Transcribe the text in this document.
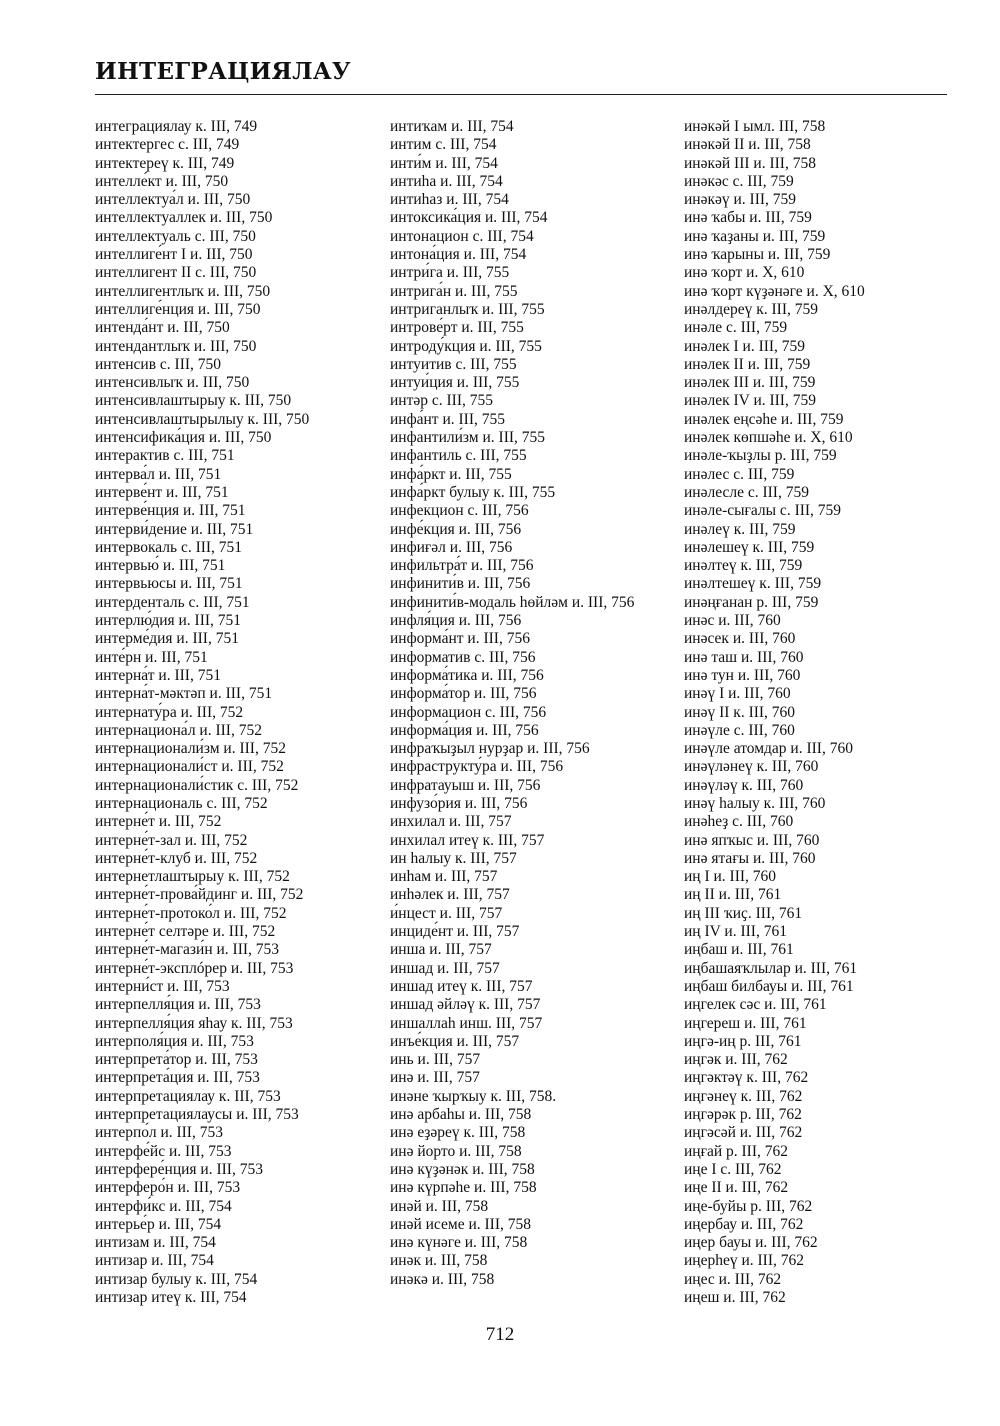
ИНТЕГРАЦИЯЛАУ

интеграциялау к. III, 749

интектергес с. III, 749

интектереү к. III, 749

интелле́кт и. III, 750

интеллектуа́л и. III, 750

интеллектуаллек и. III, 750

интеллектуаль с. III, 750

интеллиге́нт I и. III, 750

интеллигент II с. III, 750

интеллигентлыҡ и. III, 750

интеллиге́нция и. III, 750

интенда́нт и. III, 750

интендантлыҡ и. III, 750

интенсив с. III, 750

интенсивлыҡ и. III, 750

интенсивлаштырыу к. III, 750

интенсивлаштырылыу к. III, 750

интенсифика́ция и. III, 750

интерактив с. III, 751

интерва́л и. III, 751

интерве́нт и. III, 751

интерве́нция и. III, 751

интерви́дение и. III, 751

интервокаль с. III, 751

интервью́ и. III, 751

интервьюсы и. III, 751

интерденталь с. III, 751

интерлю́дия и. III, 751

интерме́дия и. III, 751

инте́рн и. III, 751

интерна́т и. III, 751

интерна́т-мәктәп и. III, 751

интернату́ра и. III, 752

интернациона́л и. III, 752

интернационали́зм и. III, 752

интернационали́ст и. III, 752

интернационали́стик с. III, 752

интернациональ с. III, 752

интерне́т и. III, 752

интерне́т-зал и. III, 752

интерне́т-клуб и. III, 752

интернетлаштырыу к. III, 752

интерне́т-прова́йдинг и. III, 752

интерне́т-протоко́л и. III, 752

интерне́т селтәре и. III, 752

интерне́т-магази́н и. III, 753

интерне́т-эксплóрер и. III, 753

интерни́ст и. III, 753

интерпелля́ция и. III, 753

интерпелля́ция яһау к. III, 753

интерполя́ция и. III, 753

интерпрета́тор и. III, 753

интерпрета́ция и. III, 753

интерпретациялау к. III, 753

интерпретациялаусы и. III, 753

интерпо́л и. III, 753

интерфе́йс и. III, 753

интерфере́нция и. III, 753

интерферо́н и. III, 753

интерфи́кс и. III, 754

интерье́р и. III, 754

интизам и. III, 754

интизар и. III, 754

интизар булыу к. III, 754

интизар итеү к. III, 754

интиҡам и. III, 754

интим с. III, 754

инти́м и. III, 754

интиһа и. III, 754

интиһаз и. III, 754

интоксика́ция и. III, 754

интонацион с. III, 754

интона́ция и. III, 754

интри́га и. III, 755

интрига́н и. III, 755

интриганлыҡ и. III, 755

интрове́рт и. III, 755

интроду́кция и. III, 755

интуитив с. III, 755

интуи́ция и. III, 755

интәр с. III, 755

инфа́нт и. III, 755

инфантили́зм и. III, 755

инфантиль с. III, 755

инфа́ркт и. III, 755

инфа́ркт булыу к. III, 755

инфекцион с. III, 756

инфе́кция и. III, 756

инфиғәл и. III, 756

инфильтра́т и. III, 756

инфинити́в и. III, 756

инфинити́в-модаль һөйләм и. III, 756

инфля́ция и. III, 756

информа́нт и. III, 756

информатив с. III, 756

информа́тика и. III, 756

информа́тор и. III, 756

информацион с. III, 756

информа́ция и. III, 756

инфраҡыҙыл нурҙар и. III, 756

инфраструкту́ра и. III, 756

инфратауыш и. III, 756

инфузо́рия и. III, 756

инхилал и. III, 757

инхилал итеү к. III, 757

ин һалыу к. III, 757

инһам и. III, 757

инһәлек и. III, 757

и́нцест и. III, 757

инциде́нт и. III, 757

инша и. III, 757

иншад и. III, 757

иншад итеү к. III, 757

иншад әйләү к. III, 757

иншаллаһ инш. III, 757

инъе́кция и. III, 757

инь и. III, 757

инә и. III, 757

инәне ҡырҡыу к. III, 758.

инә арбаһы и. III, 758

инә еҙәреү к. III, 758

инә йорто и. III, 758

инә күҙәнәк и. III, 758

инә күрпәһе и. III, 758

инәй и. III, 758

инәй исеме и. III, 758

инә күнәге и. III, 758

инәк и. III, 758

инәкә и. III, 758

инәкәй I ымл. III, 758

инәкәй II и. III, 758

инәкәй III и. III, 758

инәкәс с. III, 759

инәкәү и. III, 759

инә ҡабы и. III, 759

инә ҡаҙаны и. III, 759

инә ҡарыны и. III, 759

инә ҡорт и. X, 610

инә ҡорт күҙәнәге и. X, 610

инәлдереү к. III, 759

инәле с. III, 759

инәлек I и. III, 759

инәлек II и. III, 759

инәлек III и. III, 759

инәлек IV и. III, 759

инәлек еңсәһе и. III, 759

инәлек көпшәһе и. X, 610

инәле-ҡыҙлы р. III, 759

инәлес с. III, 759

инәлесле с. III, 759

инәле-сығалы с. III, 759

инәлеү к. III, 759

инәлешеү к. III, 759

инәлтеү к. III, 759

инәлтешеү к. III, 759

инәңғанан р. III, 759

инәс и. III, 760

инәсек и. III, 760

инә таш и. III, 760

инә тун и. III, 760

инәү I и. III, 760

инәү II к. III, 760

инәүле с. III, 760

инәүле атомдар и. III, 760

инәүләнеү к. III, 760

инәүләү к. III, 760

инәү һалыу к. III, 760

инәһеҙ с. III, 760

инә япҡыс и. III, 760

инә ятағы и. III, 760

иң I и. III, 760

иң II и. III, 761

иң III ҡиҫ. III, 761

иң IV и. III, 761

иңбаш и. III, 761

иңбашаяҡлылар и. III, 761

иңбаш билбауы и. III, 761

иңгелек сәс и. III, 761

иңгереш и. III, 761

иңгә-иң р. III, 761

иңгәк и. III, 762

иңгәктәү к. III, 762

иңгәнеү к. III, 762

иңгәрәк р. III, 762

иңгәсәй и. III, 762

иңғай р. III, 762

иңе I с. III, 762

иңе II и. III, 762

иңе-буйы р. III, 762

иңербау и. III, 762

иңер бауы и. III, 762

иңерһеү и. III, 762

иңес и. III, 762

иңеш и. III, 762

712
